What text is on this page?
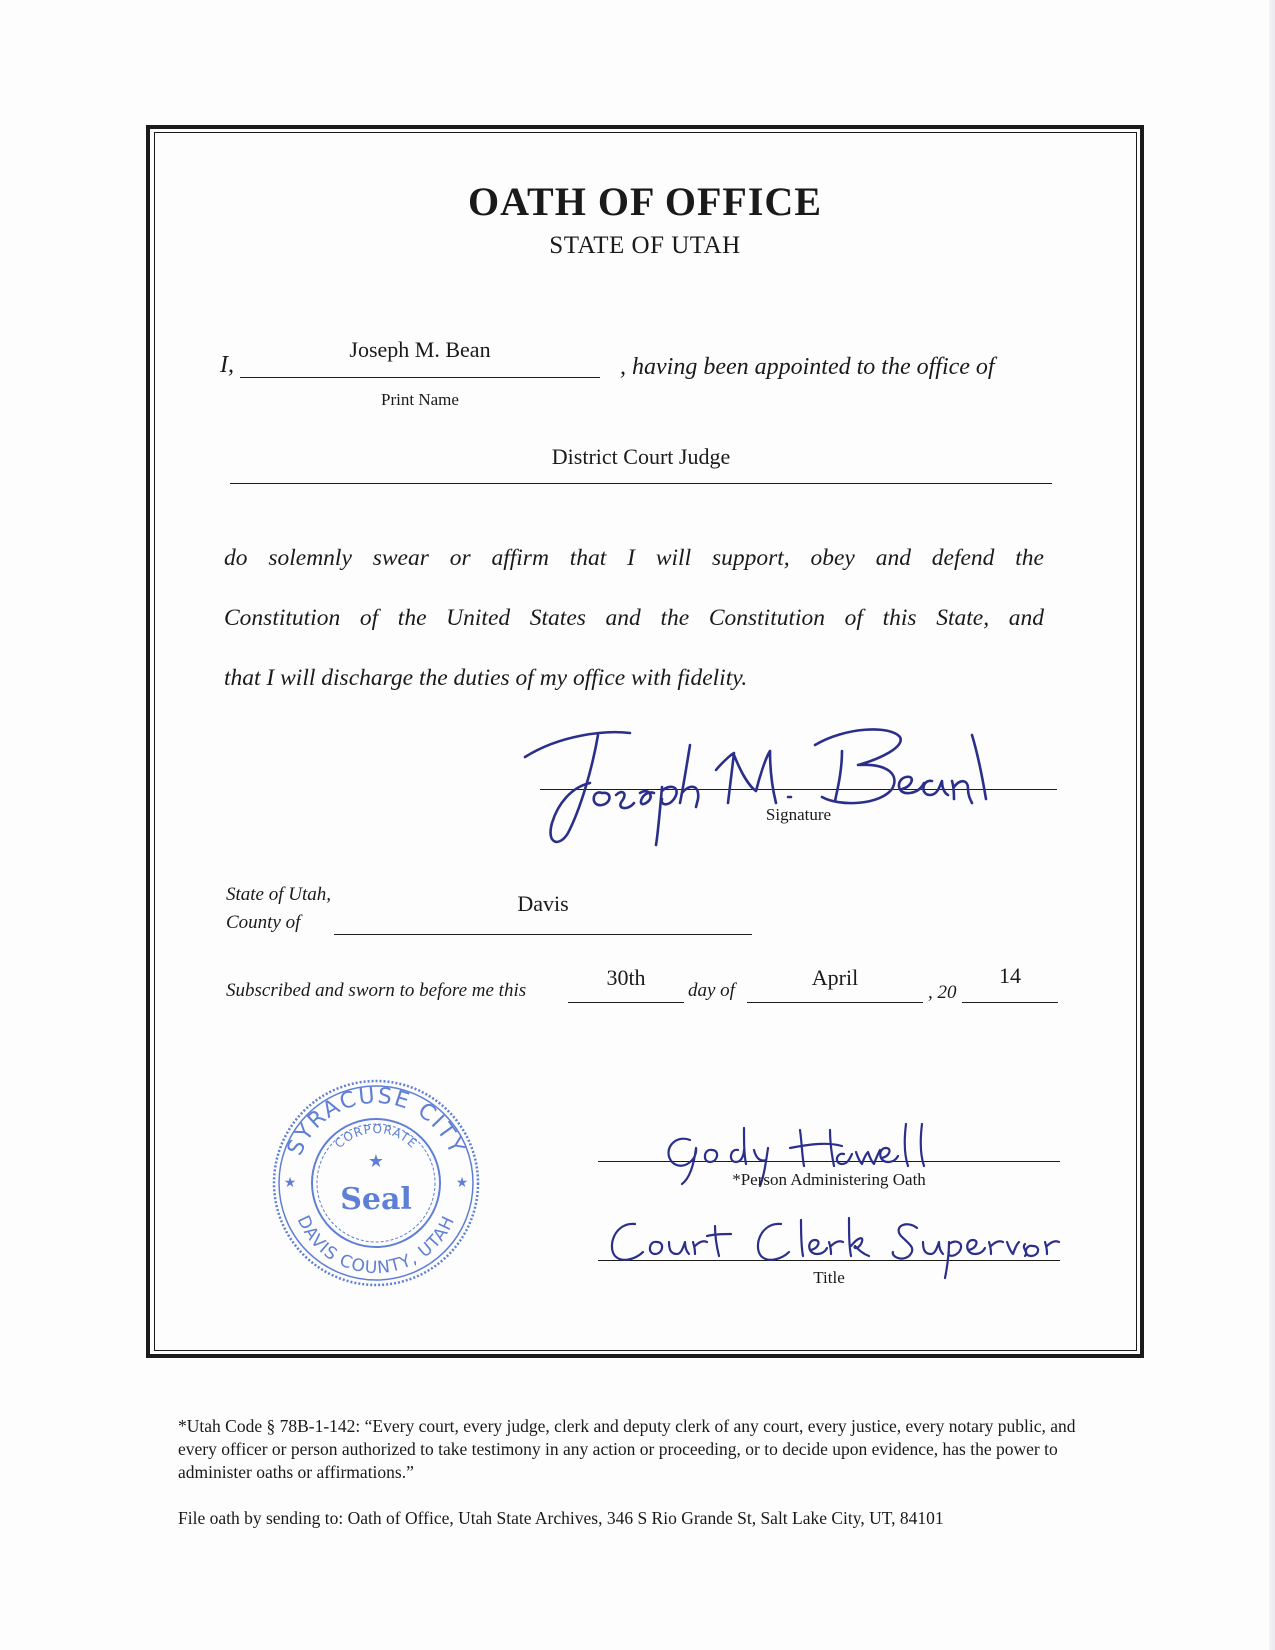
OATH OF OFFICE
STATE OF UTAH
I,
Joseph M. Bean
, having been appointed to the office of
Print Name
District Court Judge
do solemnly swear or affirm that I will support, obey and defend the
Constitution of the United States and the Constitution of this State, and
that I will discharge the duties of my office with fidelity.
Signature
State of Utah,
County of
Davis
Subscribed and sworn to before me this
30th
day of
April
, 20
14
SYRACUSE CITY
DAVIS COUNTY, UTAH
CORPORATE
★
★	★
Seal
*Person Administering Oath
Title
*Utah Code § 78B-1-142: “Every court, every judge, clerk and deputy clerk of any court, every justice, every notary public, and every officer or person authorized to take testimony in any action or proceeding, or to decide upon evidence, has the power to administer oaths or affirmations.”
File oath by sending to: Oath of Office, Utah State Archives, 346 S Rio Grande St, Salt Lake City, UT, 84101
